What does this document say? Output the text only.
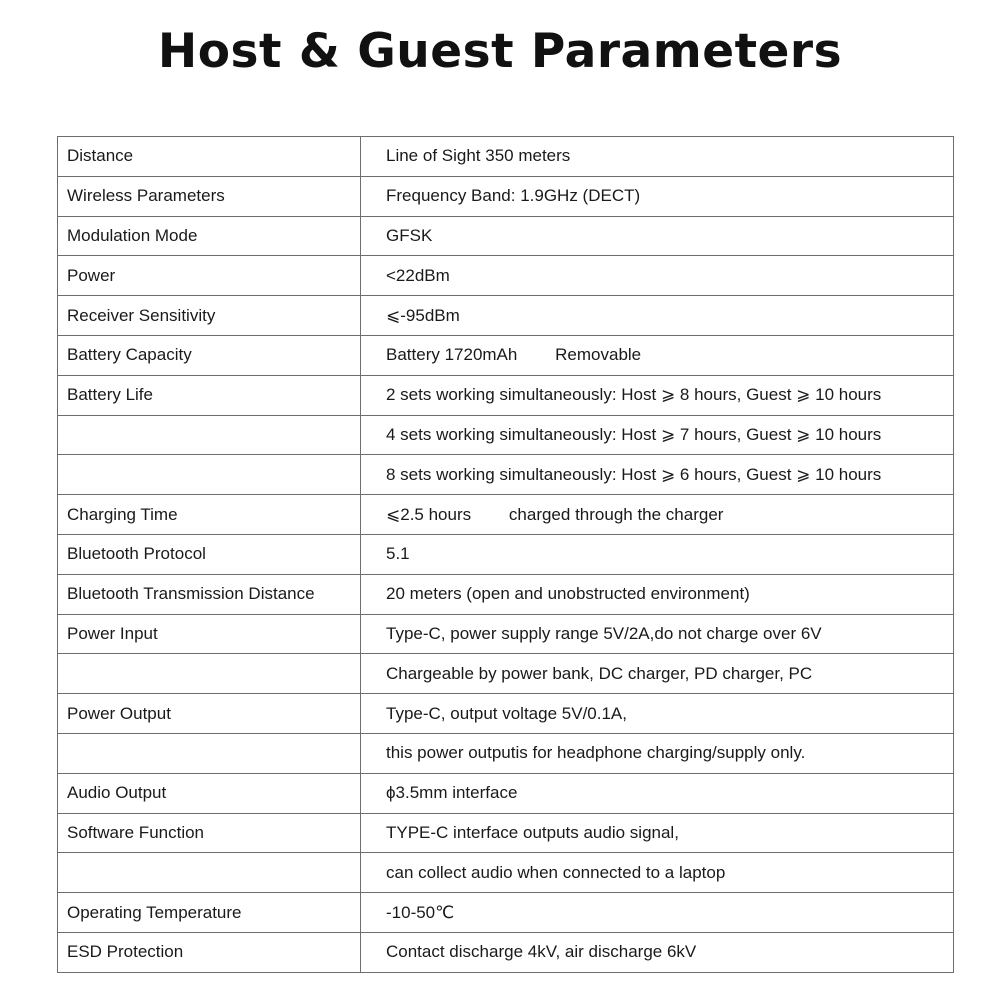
Host & Guest Parameters
Distance	Line of Sight 350 meters
Wireless Parameters	Frequency Band: 1.9GHz (DECT)
Modulation Mode	GFSK
Power	<22dBm
Receiver Sensitivity	⩽-95dBm
Battery Capacity	Battery 1720mAh        Removable
Battery Life	2 sets working simultaneously: Host ⩾ 8 hours, Guest ⩾ 10 hours
	4 sets working simultaneously: Host ⩾ 7 hours, Guest ⩾ 10 hours
	8 sets working simultaneously: Host ⩾ 6 hours, Guest ⩾ 10 hours
Charging Time	⩽2.5 hours        charged through the charger
Bluetooth Protocol	5.1
Bluetooth Transmission Distance	20 meters (open and unobstructed environment)
Power Input	Type-C, power supply range 5V/2A,do not charge over 6V
	Chargeable by power bank, DC charger, PD charger, PC
Power Output	Type-C, output voltage 5V/0.1A,
	this power outputis for headphone charging/supply only.
Audio Output	ϕ3.5mm interface
Software Function	TYPE-C interface outputs audio signal,
	can collect audio when connected to a laptop
Operating Temperature	-10-50℃
ESD Protection	Contact discharge 4kV, air discharge 6kV
